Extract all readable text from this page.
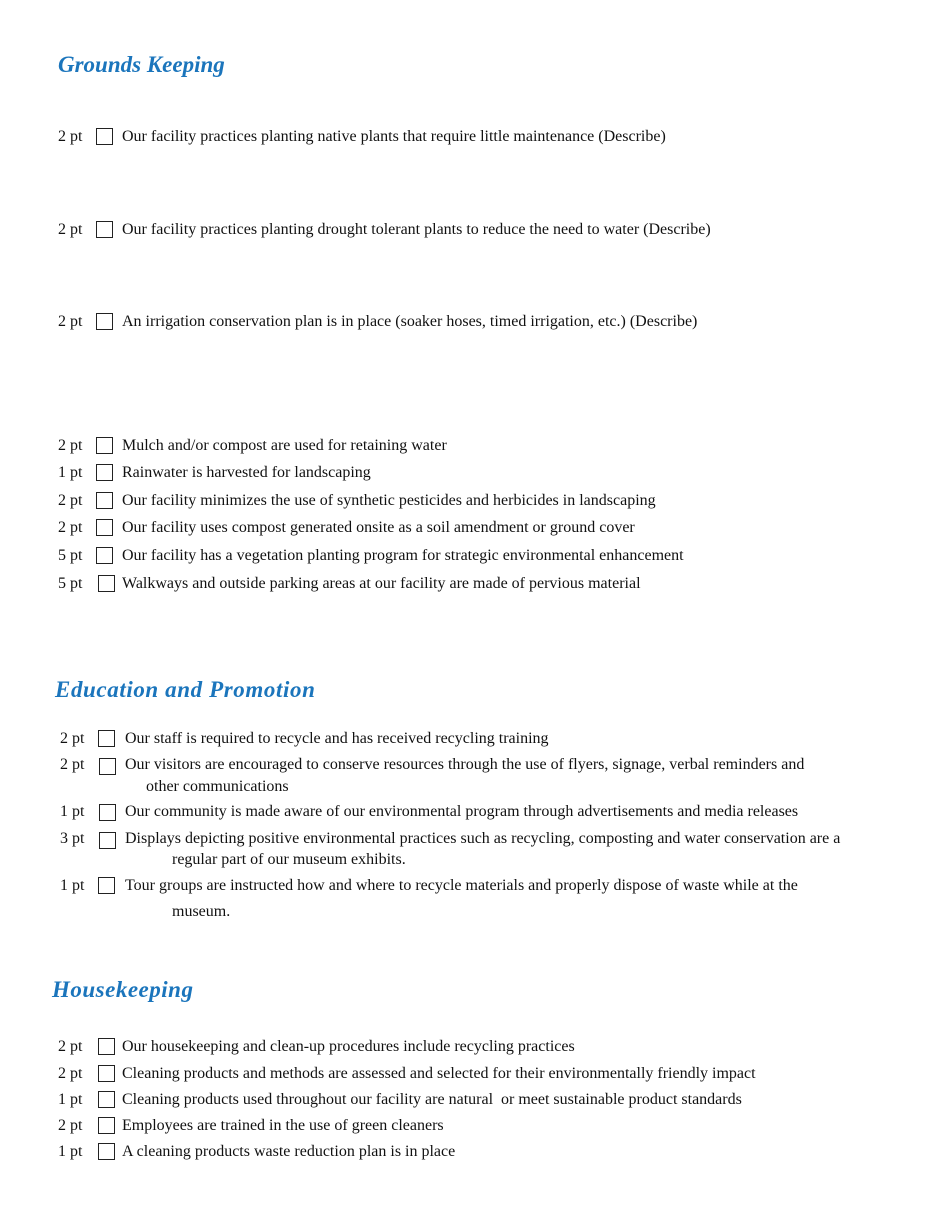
Grounds Keeping
2 pt Our facility practices planting native plants that require little maintenance (Describe)
2 pt Our facility practices planting drought tolerant plants to reduce the need to water (Describe)
2 pt An irrigation conservation plan is in place (soaker hoses, timed irrigation, etc.) (Describe)
2 pt Mulch and/or compost are used for retaining water
1 pt Rainwater is harvested for landscaping
2 pt Our facility minimizes the use of synthetic pesticides and herbicides in landscaping
2 pt Our facility uses compost generated onsite as a soil amendment or ground cover
5 pt Our facility has a vegetation planting program for strategic environmental enhancement
5 pt Walkways and outside parking areas at our facility are made of pervious material
Education and Promotion
2 pt	Our staff is required to recycle and has received recycling training
2 pt	Our visitors are encouraged to conserve resources through the use of flyers, signage, verbal reminders and
other communications
1 pt	Our community is made aware of our environmental program through advertisements and media releases
3 pt	Displays depicting positive environmental practices such as recycling, composting and water conservation are a
regular part of our museum exhibits.
1 pt	Tour groups are instructed how and where to recycle materials and properly dispose of waste while at the
museum.
Housekeeping
2 pt Our housekeeping and clean-up procedures include recycling practices
2 pt Cleaning products and methods are assessed and selected for their environmentally friendly impact
1 pt Cleaning products used throughout our facility are natural  or meet sustainable product standards
2 pt Employees are trained in the use of green cleaners
1 pt A cleaning products waste reduction plan is in place
